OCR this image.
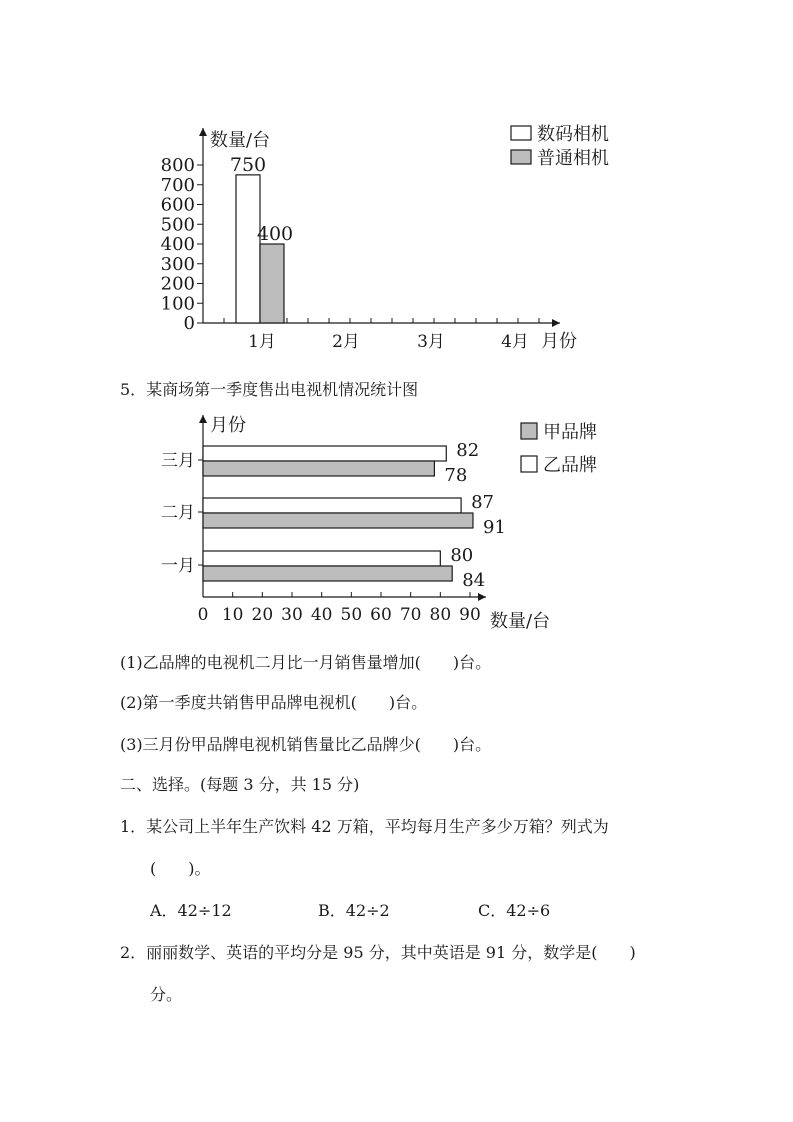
800
700
600
500
400
300
200
100
0
1月	2月	3月	4月
数量/台
月份
750
400
数码相机
普通相机
5．某商场第一季度售出电视机情况统计图
0 10 20 30 40 50 60 70 80 90
三月
二月
一月
月份
数量/台
82
87
80
78
91
84
甲品牌
乙品牌
(1)乙品牌的电视机二月比一月销售量增加(　　)台。
(2)第一季度共销售甲品牌电视机(　　)台。
(3)三月份甲品牌电视机销售量比乙品牌少(　　)台。
二、选择。(每题 3 分，共 15 分)
1．某公司上半年生产饮料 42 万箱，平均每月生产多少万箱？列式为
(　　)。
A．42÷12	B．42÷2	C．42÷6
2．丽丽数学、英语的平均分是 95 分，其中英语是 91 分，数学是(　　)
分。
